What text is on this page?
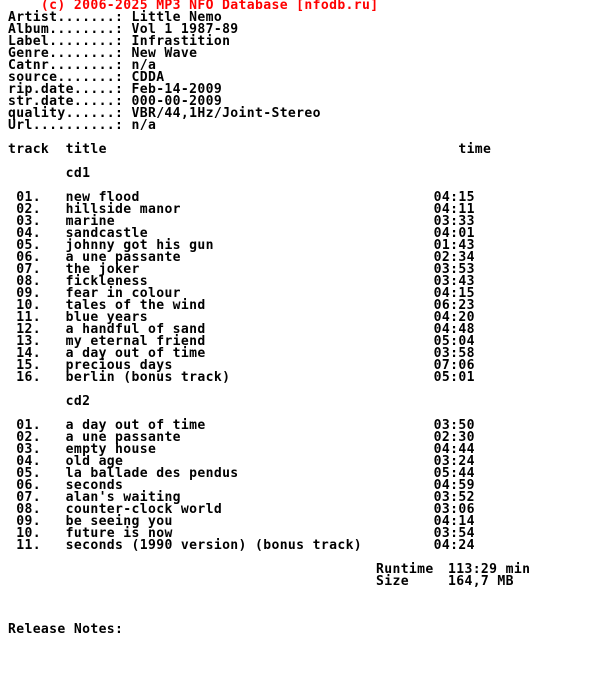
(c) 2006-2025 MP3 NFO Database [nfodb.ru]
Artist.......: Little Nemo
Album........: Vol 1 1987-89
Label........: Infrastition
Genre........: New Wave
Catnr........: n/a
source.......: CDDA
rip.date.....: Feb-14-2009
str.date.....: 000-00-2009
quality......: VBR/44,1Hz/Joint-Stereo
Url..........: n/a
track title	time
cd1
01. new flood	04:15
02. hillside manor	04:11
03. marine	03:33
04. sandcastle	04:01
05. johnny got his gun	01:43
06. a une passante	02:34
07. the joker	03:53
08. fickleness	03:43
09. fear in colour	04:15
10. tales of the wind	06:23
11. blue years	04:20
12. a handful of sand	04:48
13. my eternal friend	05:04
14. a day out of time	03:58
15. precious days	07:06
16. berlin (bonus track)	05:01
cd2
01. a day out of time	03:50
02. a une passante	02:30
03. empty house	04:44
04. old age	03:24
05. la ballade des pendus	05:44
06. seconds	04:59
07. alan's waiting	03:52
08. counter-clock world	03:06
09. be seeing you	04:14
10. future is now	03:54
11. seconds (1990 version) (bonus track)	04:24
Runtime 113:29 min
Size	164,7 MB
Release Notes:
